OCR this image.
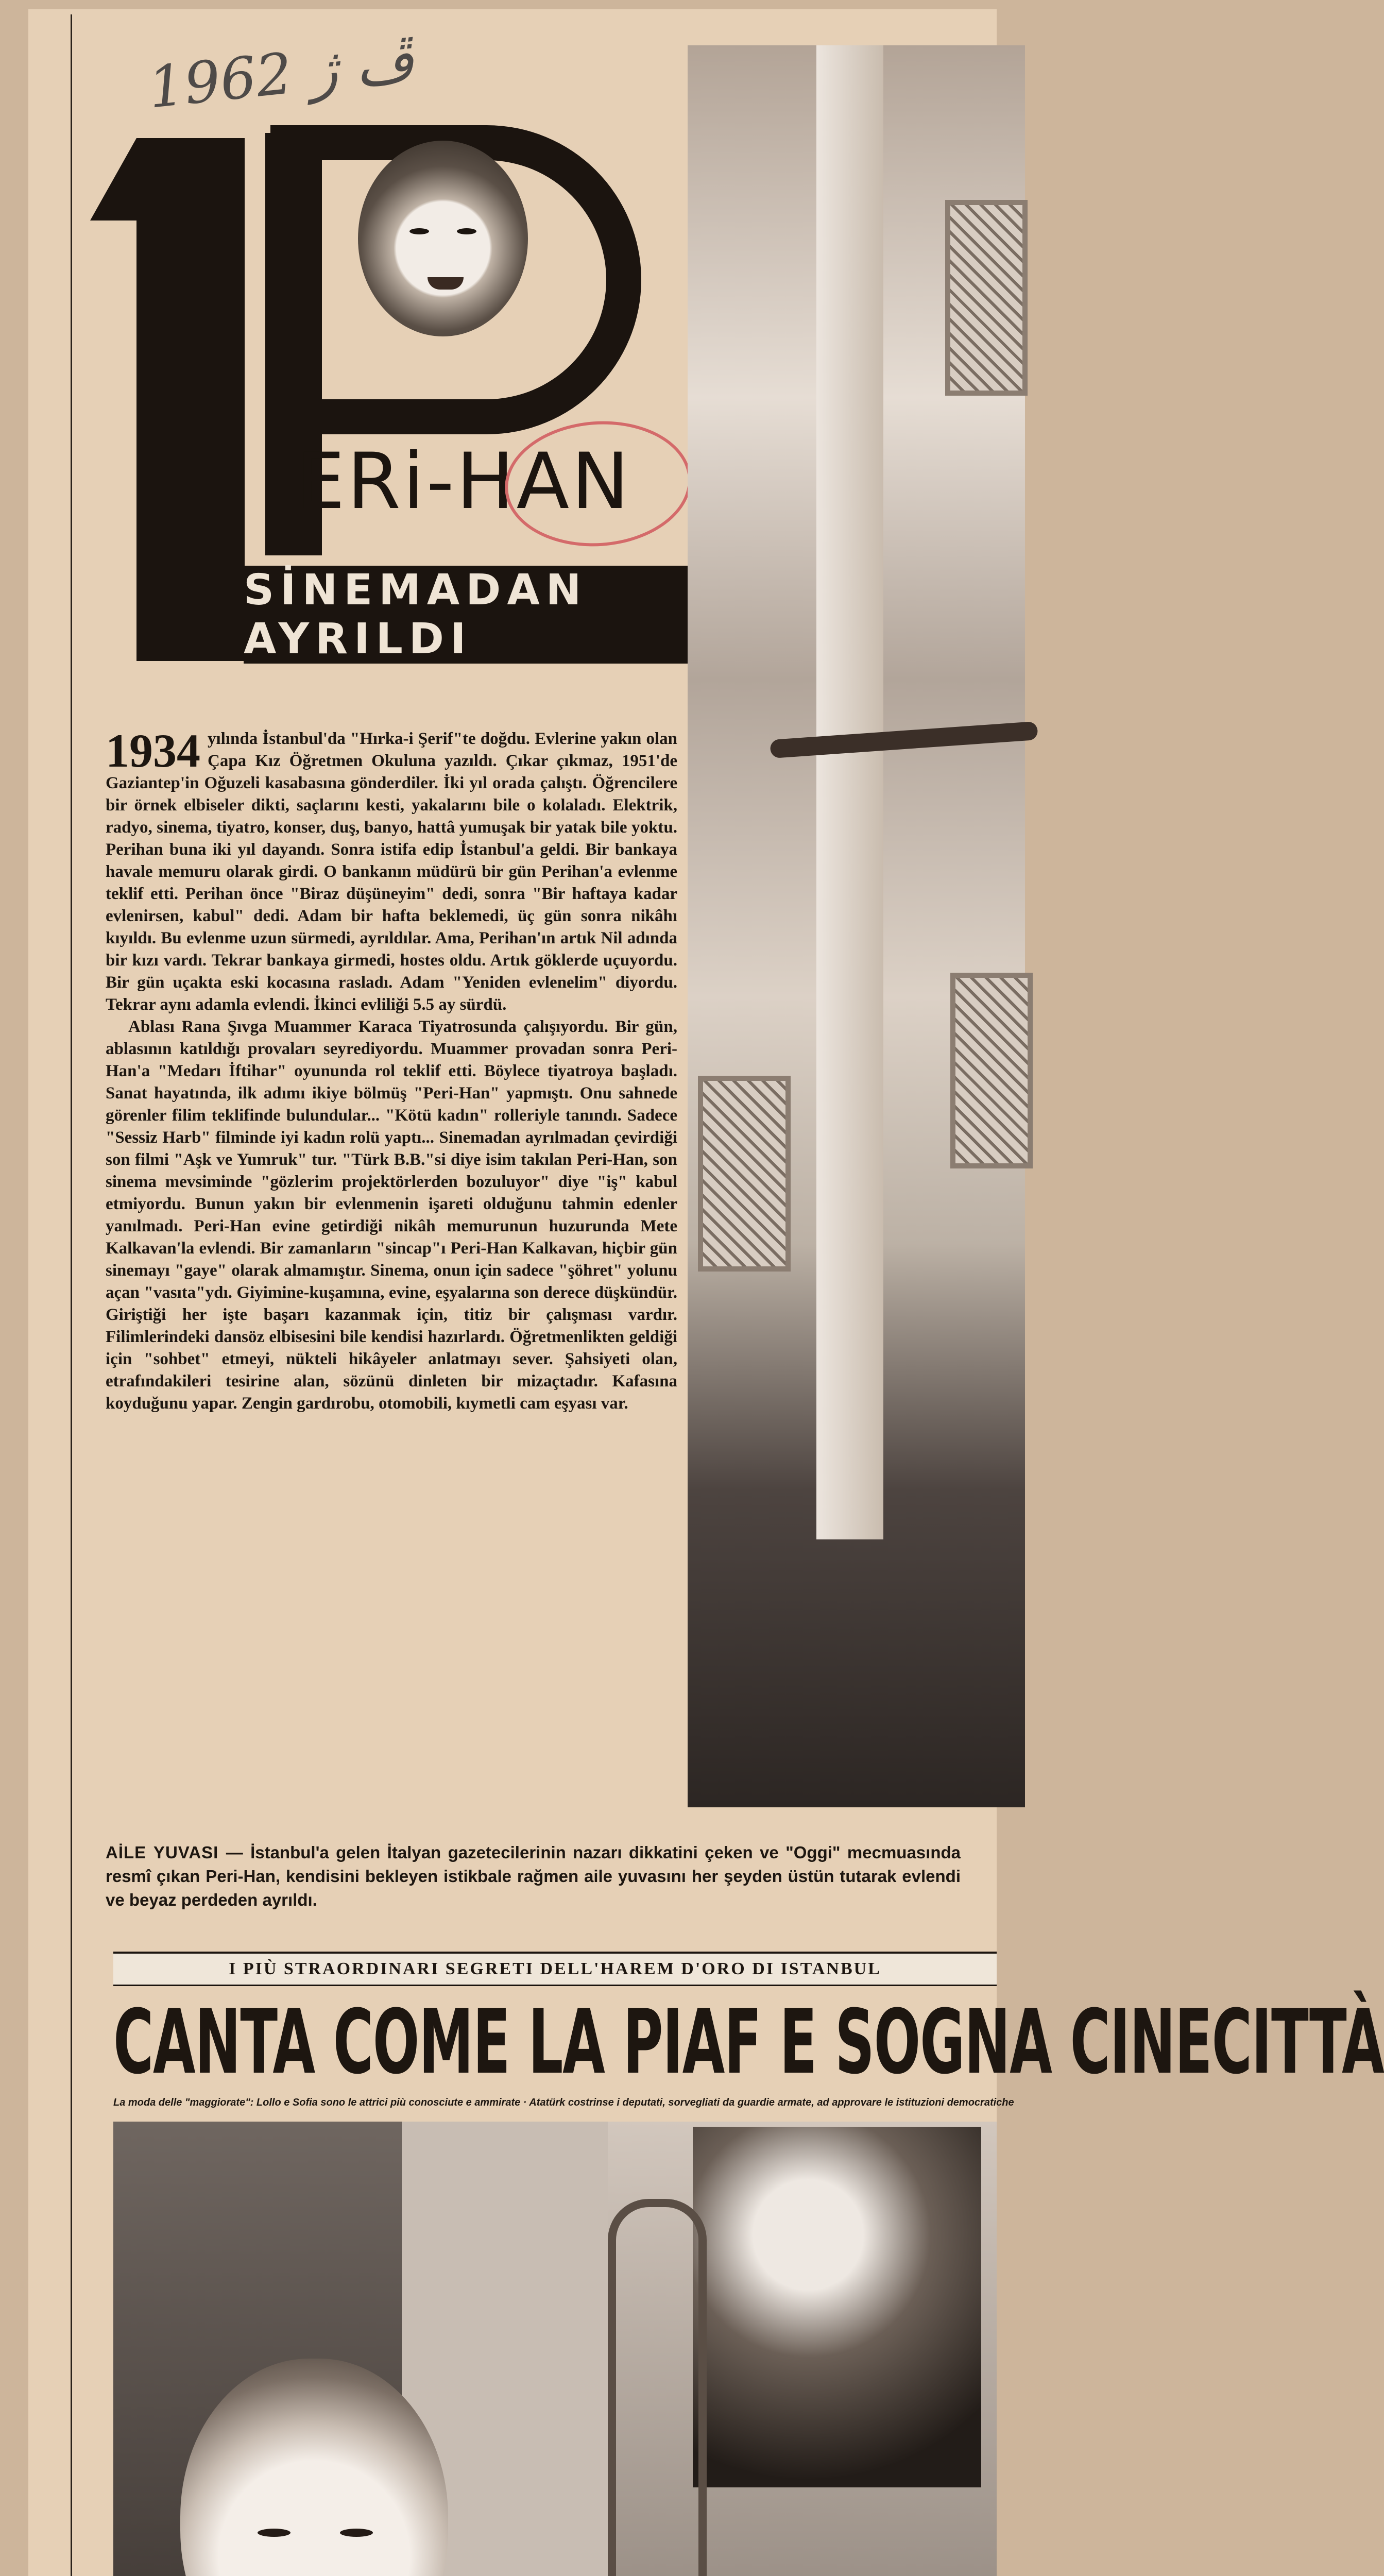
1962 ڦ ژ
ERi-HAN
SİNEMADAN AYRILDI
1934 yılında İstanbul'da "Hırka-i Şerif"te doğdu. Evlerine yakın olan Çapa Kız Öğretmen Okuluna yazıldı. Çıkar çıkmaz, 1951'de Gaziantep'in Oğuzeli kasabasına gönderdiler. İki yıl orada çalıştı. Öğrencilere bir örnek elbiseler dikti, saçlarını kesti, yakalarını bile o kolaladı. Elektrik, radyo, sinema, tiyatro, konser, duş, banyo, hattâ yumuşak bir yatak bile yoktu. Perihan buna iki yıl dayandı. Sonra istifa edip İstanbul'a geldi. Bir bankaya havale memuru olarak girdi. O bankanın müdürü bir gün Perihan'a evlenme teklif etti. Perihan önce "Biraz düşüneyim" dedi, sonra "Bir haftaya kadar evlenirsen, kabul" dedi. Adam bir hafta beklemedi, üç gün sonra nikâhı kıyıldı. Bu evlenme uzun sürmedi, ayrıldılar. Ama, Perihan'ın artık Nil adında bir kızı vardı. Tekrar bankaya girmedi, hostes oldu. Artık göklerde uçuyordu. Bir gün uçakta eski kocasına rasladı. Adam "Yeniden evlenelim" diyordu. Tekrar aynı adamla evlendi. İkinci evliliği 5.5 ay sürdü.

Ablası Rana Şıvga Muammer Karaca Tiyatrosunda çalışıyordu. Bir gün, ablasının katıldığı provaları seyrediyordu. Muammer provadan sonra Peri-Han'a "Medarı İftihar" oyununda rol teklif etti. Böylece tiyatroya başladı. Sanat hayatında, ilk adımı ikiye bölmüş "Peri-Han" yapmıştı. Onu sahnede görenler filim teklifinde bulundular... "Kötü kadın" rolleriyle tanındı. Sadece "Sessiz Harb" filminde iyi kadın rolü yaptı... Sinemadan ayrılmadan çevirdiği son filmi "Aşk ve Yumruk" tur. "Türk B.B."si diye isim takılan Peri-Han, son sinema mevsiminde "gözlerim projektörlerden bozuluyor" diye "iş" kabul etmiyordu. Bunun yakın bir evlenmenin işareti olduğunu tahmin edenler yanılmadı. Peri-Han evine getirdiği nikâh memurunun huzurunda Mete Kalkavan'la evlendi. Bir zamanların "sincap"ı Peri-Han Kalkavan, hiçbir gün sinemayı "gaye" olarak almamıştır. Sinema, onun için sadece "şöhret" yolunu açan "vasıta"ydı. Giyimine-kuşamına, evine, eşyalarına son derece düşkündür. Giriştiği her işte başarı kazanmak için, titiz bir çalışması vardır. Filimlerindeki dansöz elbisesini bile kendisi hazırlardı. Öğretmenlikten geldiği için "sohbet" etmeyi, nükteli hikâyeler anlatmayı sever. Şahsiyeti olan, etrafındakileri tesirine alan, sözünü dinleten bir mizaçtadır. Kafasına koyduğunu yapar. Zengin gardırobu, otomobili, kıymetli cam eşyası var.

AİLE YUVASI — İstanbul'a gelen İtalyan gazetecilerinin nazarı dikkatini çeken ve "Oggi" mecmuasında resmî çıkan Peri-Han, kendisini bekleyen istikbale rağmen aile yuvasını her şeyden üstün tutarak evlendi ve beyaz perdeden ayrıldı.
I PIÙ STRAORDINARI SEGRETI DELL'HAREM D'ORO DI ISTANBUL
CANTA COME LA PIAF E SOGNA CINECITTÀ
La moda delle "maggiorate": Lollo e Sofia sono le attrici più conosciute e ammirate · Atatürk costrinse i deputati, sorvegliati da guardie armate, ad approvare le istituzioni democratiche
